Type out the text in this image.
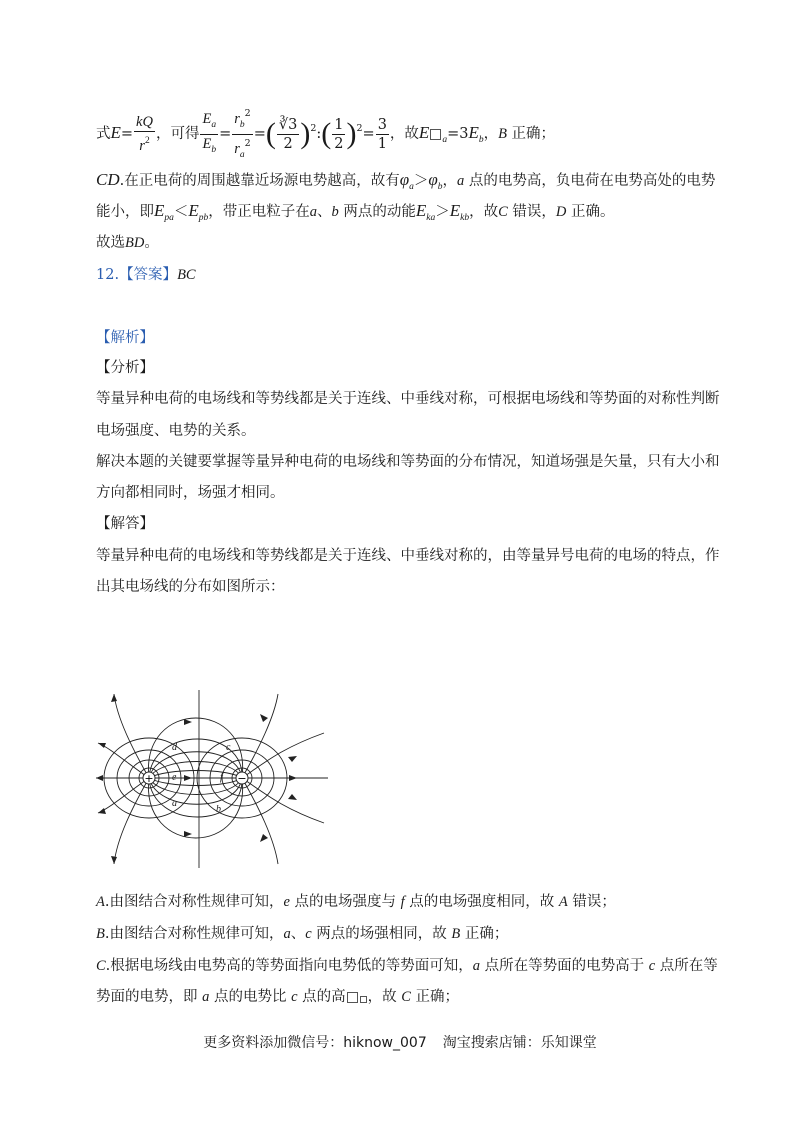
式$E= \frac{kQ}{r^2}$ ，可得 $\frac{E_a}{E_b} = \frac{r_b^2}{r_a^2}$ =( $\frac{∛3}{2}$ )$^2$:( $\frac{1}{2} )^2= \frac{3}{1}$ ，故E $_a=3E_b$，B 正确；
CD.在正电荷的周围越靠近场源电势越高，故有$\varphi_a>\varphi_b$，a 点的电势高，负电荷在电势高处的电势
能小，即$E_{pa}<E_{pb}$，带正电粒子在a、b 两点的动能$E_{ka}>E_{kb}$，故C 错误，D 正确。
故选BD。
12.【答案】BC
【解析】
【分析】
等量异种电荷的电场线和等势线都是关于连线、中垂线对称，可根据电场线和等势面的对称性判断
电场强度、电势的关系。
解决本题的关键要掌握等量异种电荷的电场线和等势面的分布情况，知道场强是矢量，只有大小和
方向都相同时，场强才相同。
【解答】
等量异种电荷的电场线和等势线都是关于连线、中垂线对称的，由等量异号电荷的电场的特点，作
出其电场线的分布如图所示：
+	−
d	c
e	f
a
b
A.由图结合对称性规律可知，e 点的电场强度与 f 点的电场强度相同，故 A 错误；
B.由图结合对称性规律可知，a、c 两点的场强相同，故 B 正确；
C.根据电场线由电势高的等势面指向电势低的等势面可知，a 点所在等势面的电势高于 c 点所在等
势面的电势，即 a 点的电势比 c 点的高 ，故 C 正确；
更多资料添加微信号：hiknow_007 淘宝搜索店铺：乐知课堂
